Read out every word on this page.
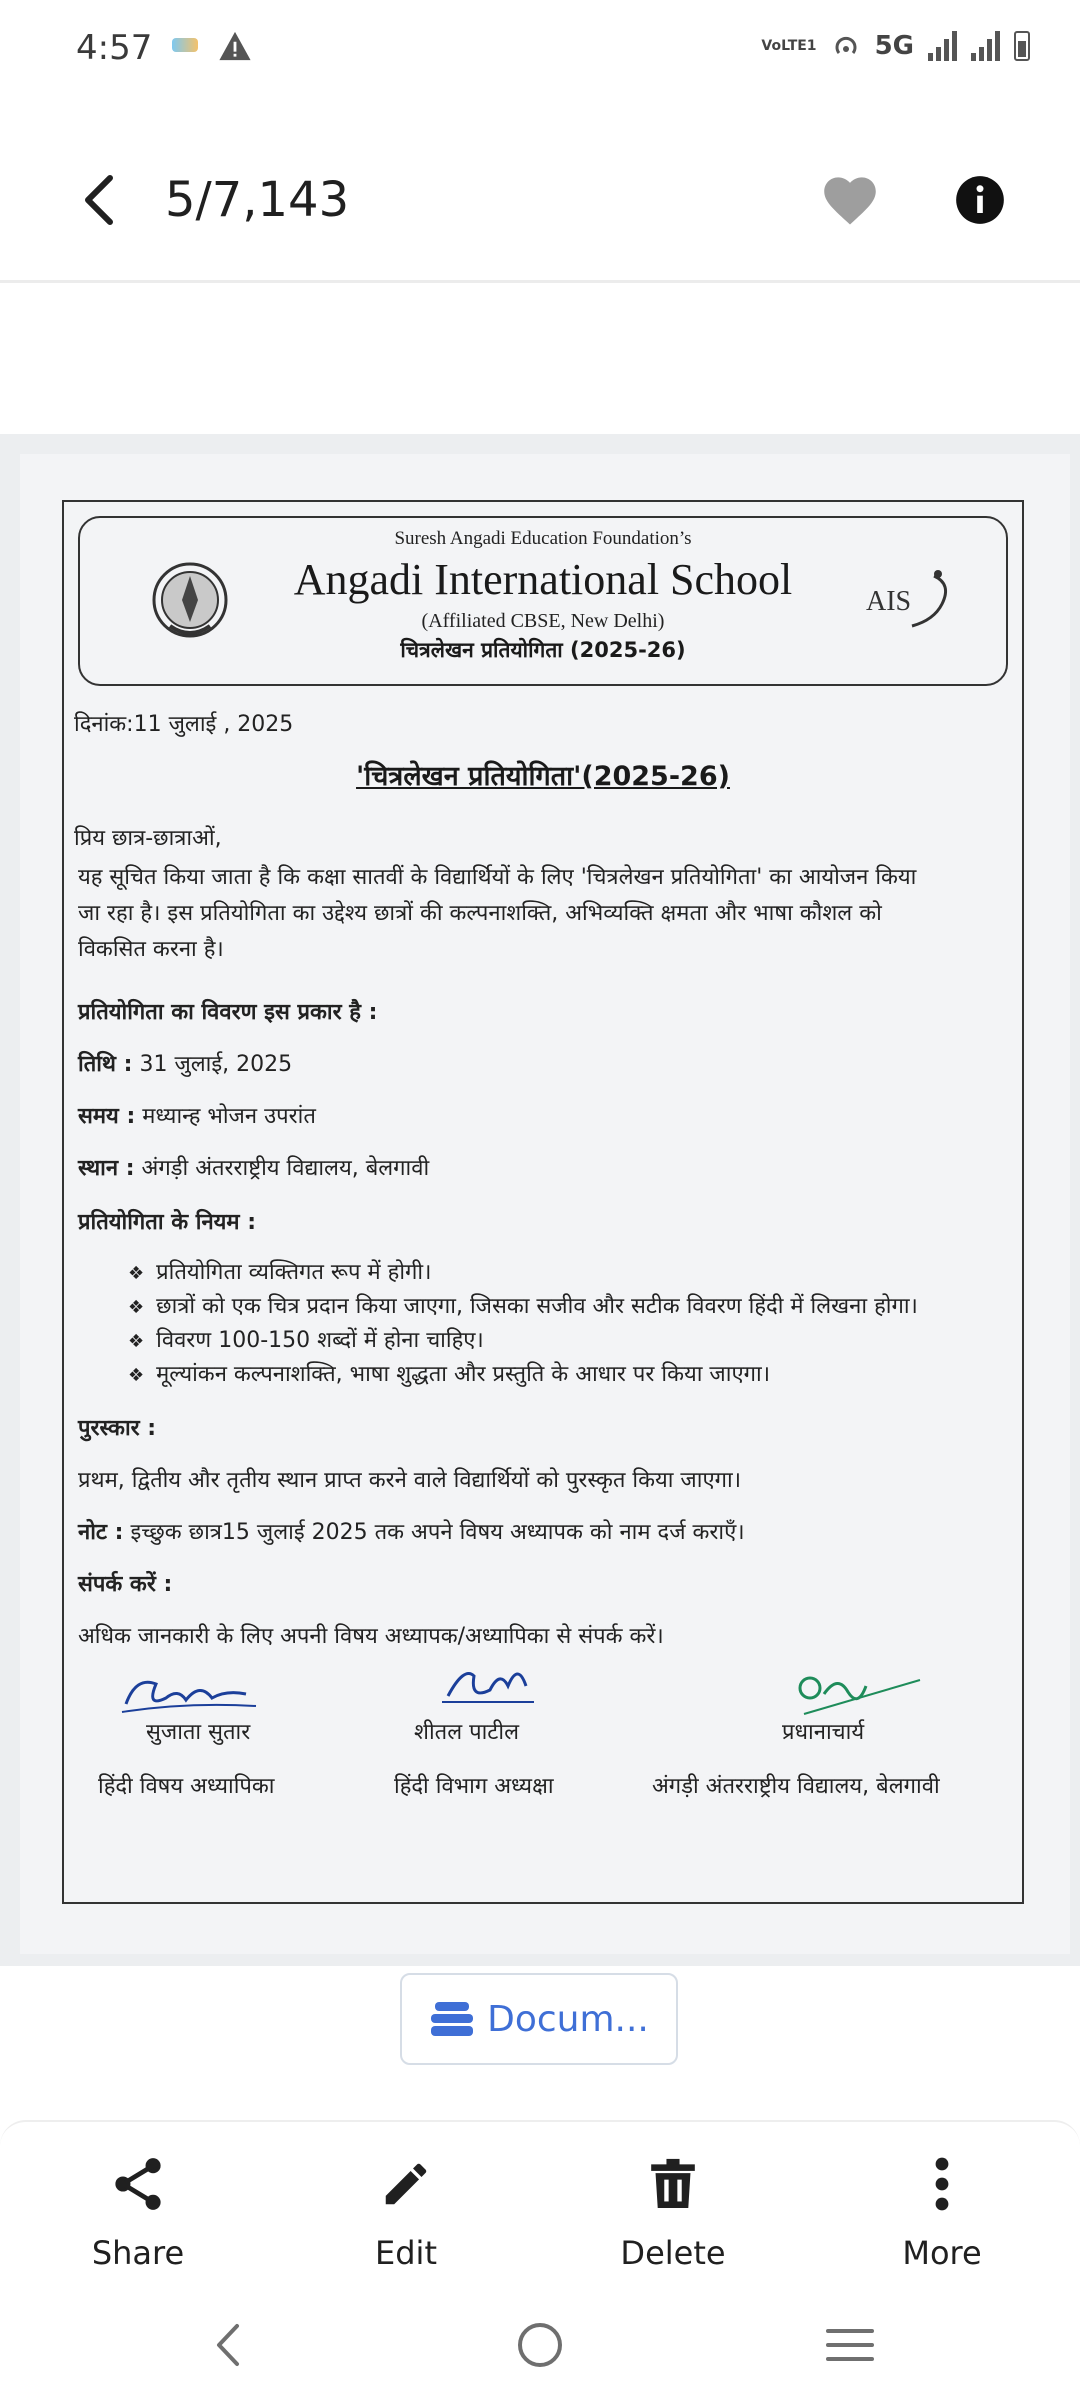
4:57	VoLTE1 5G
5/7,143
Suresh Angadi Education Foundation’s
Angadi International School
(Affiliated CBSE, New Delhi)
चित्रलेखन प्रतियोगिता (2025-26)
AIS
दिनांक:11 जुलाई , 2025
'चित्रलेखन प्रतियोगिता'(2025-26)
प्रिय छात्र-छात्राओं,
यह सूचित किया जाता है कि कक्षा सातवीं के विद्यार्थियों के लिए 'चित्रलेखन प्रतियोगिता' का आयोजन किया
जा रहा है। इस प्रतियोगिता का उद्देश्य छात्रों की कल्पनाशक्ति, अभिव्यक्ति क्षमता और भाषा कौशल को
विकसित करना है।
प्रतियोगिता का विवरण इस प्रकार है :
तिथि : 31 जुलाई, 2025
समय : मध्यान्ह भोजन उपरांत
स्थान : अंगड़ी अंतरराष्ट्रीय विद्यालय, बेलगावी
प्रतियोगिता के नियम :
❖ प्रतियोगिता व्यक्तिगत रूप में होगी।
❖ छात्रों को एक चित्र प्रदान किया जाएगा, जिसका सजीव और सटीक विवरण हिंदी में लिखना होगा।
❖ विवरण 100-150 शब्दों में होना चाहिए।
❖ मूल्यांकन कल्पनाशक्ति, भाषा शुद्धता और प्रस्तुति के आधार पर किया जाएगा।
पुरस्कार :
प्रथम, द्वितीय और तृतीय स्थान प्राप्त करने वाले विद्यार्थियों को पुरस्कृत किया जाएगा।
नोट : इच्छुक छात्र15 जुलाई 2025 तक अपने विषय अध्यापक को नाम दर्ज कराएँ।
संपर्क करें :
अधिक जानकारी के लिए अपनी विषय अध्यापक/अध्यापिका से संपर्क करें।
सुजाता सुतार
हिंदी विषय अध्यापिका
शीतल पाटील
हिंदी विभाग अध्यक्षा
प्रधानाचार्य
अंगड़ी अंतरराष्ट्रीय विद्यालय, बेलगावी
Docum...
Share	Edit	Delete	More
